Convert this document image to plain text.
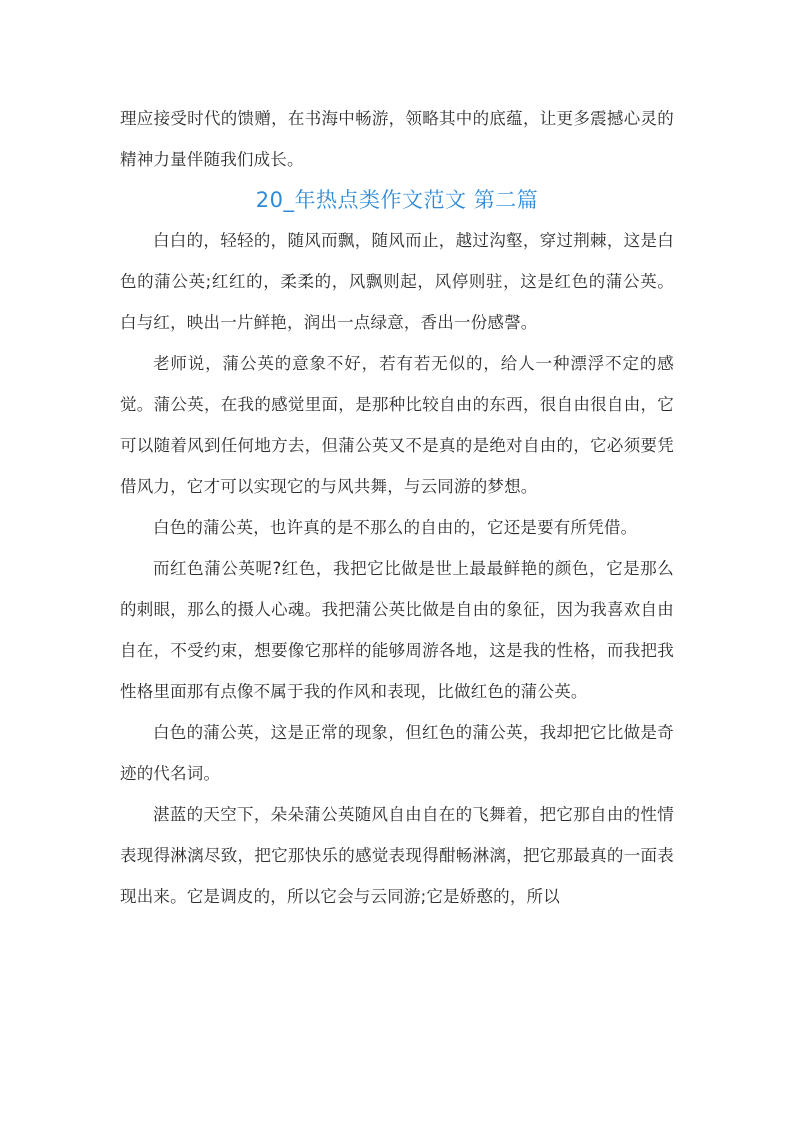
理应接受时代的馈赠，在书海中畅游，领略其中的底蕴，让更多震撼心灵的精神力量伴随我们成长。

20_年热点类作文范文 第二篇

白白的，轻轻的，随风而飘，随风而止，越过沟壑，穿过荆棘，这是白色的蒲公英;红红的，柔柔的，风飘则起，风停则驻，这是红色的蒲公英。白与红，映出一片鲜艳，润出一点绿意，香出一份感謦。

老师说，蒲公英的意象不好，若有若无似的，给人一种漂浮不定的感觉。蒲公英，在我的感觉里面，是那种比较自由的东西，很自由很自由，它可以随着风到任何地方去，但蒲公英又不是真的是绝对自由的，它必须要凭借风力，它才可以实现它的与风共舞，与云同游的梦想。

白色的蒲公英，也许真的是不那么的自由的，它还是要有所凭借。

而红色蒲公英呢?红色，我把它比做是世上最最鲜艳的颜色，它是那么的刺眼，那么的摄人心魂。我把蒲公英比做是自由的象征，因为我喜欢自由自在，不受约束，想要像它那样的能够周游各地，这是我的性格，而我把我性格里面那有点像不属于我的作风和表现，比做红色的蒲公英。

白色的蒲公英，这是正常的现象，但红色的蒲公英，我却把它比做是奇迹的代名词。

湛蓝的天空下，朵朵蒲公英随风自由自在的飞舞着，把它那自由的性情表现得淋漓尽致，把它那快乐的感觉表现得酣畅淋漓，把它那最真的一面表现出来。它是调皮的，所以它会与云同游;它是娇憨的，所以
